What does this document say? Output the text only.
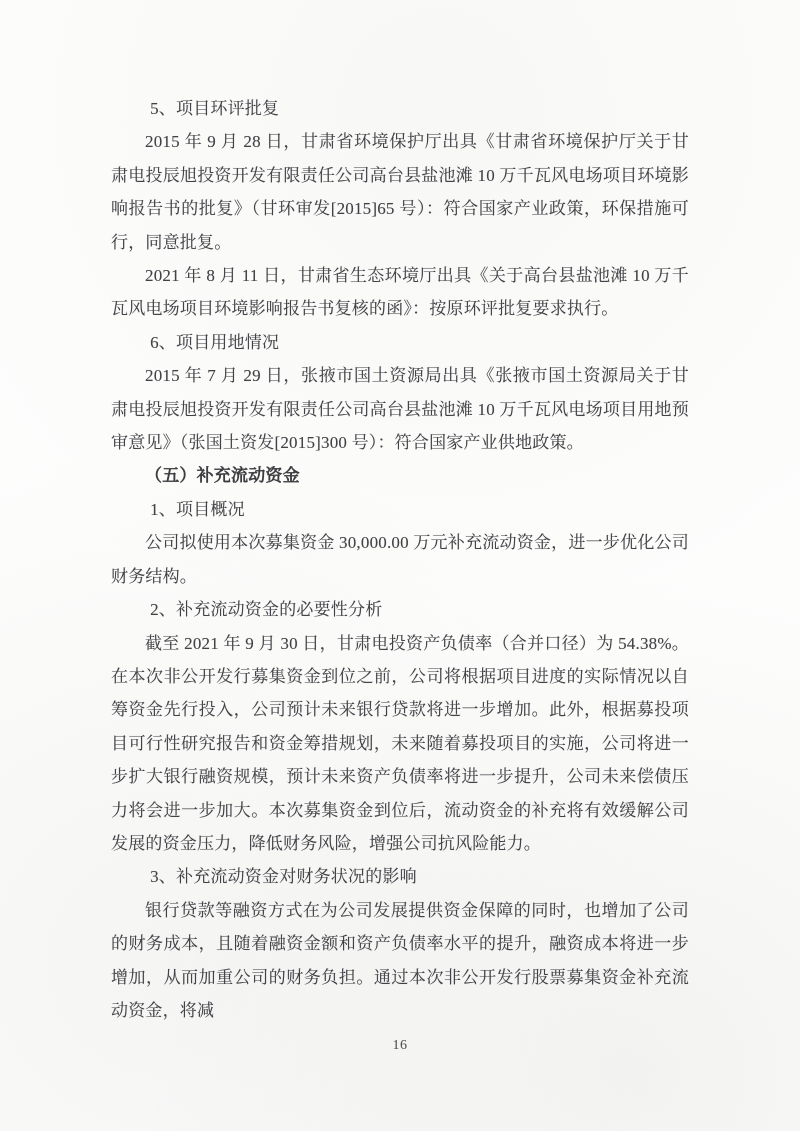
5、项目环评批复

2015 年 9 月 28 日，甘肃省环境保护厅出具《甘肃省环境保护厅关于甘肃电投辰旭投资开发有限责任公司高台县盐池滩 10 万千瓦风电场项目环境影响报告书的批复》（甘环审发[2015]65 号）：符合国家产业政策，环保措施可行，同意批复。

2021 年 8 月 11 日，甘肃省生态环境厅出具《关于高台县盐池滩 10 万千瓦风电场项目环境影响报告书复核的函》：按原环评批复要求执行。

6、项目用地情况

2015 年 7 月 29 日，张掖市国土资源局出具《张掖市国土资源局关于甘肃电投辰旭投资开发有限责任公司高台县盐池滩 10 万千瓦风电场项目用地预审意见》（张国土资发[2015]300 号）：符合国家产业供地政策。

（五）补充流动资金

1、项目概况

公司拟使用本次募集资金 30,000.00 万元补充流动资金，进一步优化公司财务结构。

2、补充流动资金的必要性分析

截至 2021 年 9 月 30 日，甘肃电投资产负债率（合并口径）为 54.38%。在本次非公开发行募集资金到位之前，公司将根据项目进度的实际情况以自筹资金先行投入，公司预计未来银行贷款将进一步增加。此外，根据募投项目可行性研究报告和资金筹措规划，未来随着募投项目的实施，公司将进一步扩大银行融资规模，预计未来资产负债率将进一步提升，公司未来偿债压力将会进一步加大。本次募集资金到位后，流动资金的补充将有效缓解公司发展的资金压力，降低财务风险，增强公司抗风险能力。

3、补充流动资金对财务状况的影响

银行贷款等融资方式在为公司发展提供资金保障的同时，也增加了公司的财务成本，且随着融资金额和资产负债率水平的提升，融资成本将进一步增加，从而加重公司的财务负担。通过本次非公开发行股票募集资金补充流动资金，将减

16
